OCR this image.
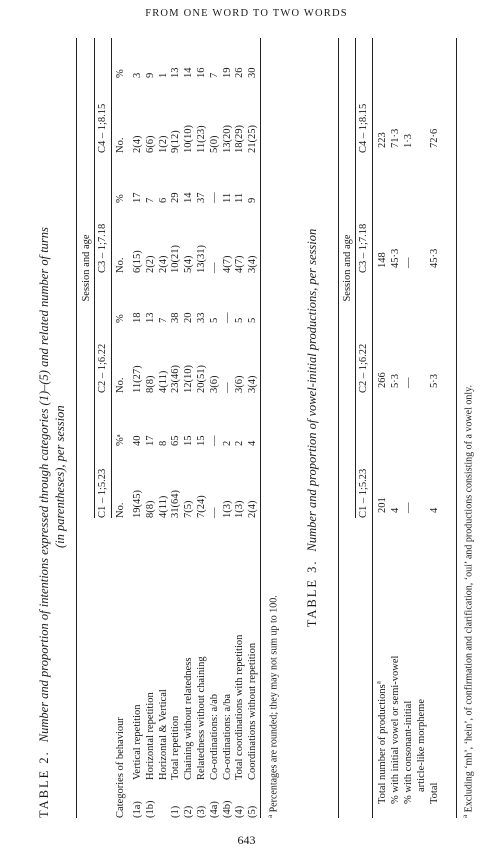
FROM ONE WORD TO TWO WORDS
TABLE 2.Number and proportion of intentions expressed through categories (1)–(5) and related number of turns (in parentheses), per session
Session and age
C1 – 1;5.23
C2 – 1;6.22
C3 – 1;7.18
C4 – 1;8.15
Categories of behaviour
No.
%ᵃ
No.
%
No.
%
No.
%
(1a)
Vertical repetition
19(45)
40
11(27)
18
6(15)
17
2(4)
3
(1b)
Horizontal repetition
8(8)
17
8(8)
13
2(2)
7
6(6)
9
Horizontal & Vertical
4(11)
8
4(11)
7
2(4)
6
1(2)
1
(1)
Total repetition
31(64)
65
23(46)
38
10(21)
29
9(12)
13
(2)
Chaining without relatedness
7(5)
15
12(10)
20
5(4)
14
10(10)
14
(3)
Relatedness without chaining
7(24)
15
20(51)
33
13(31)
37
11(23)
16
(4a)
Co-ordinations: a/ab
—
—
3(6)
5
—
—
5(0)
7
(4b)
Co-ordinations: a/ba
1(3)
2
—
—
4(7)
11
13(20)
19
(4)
Total coordinations with repetition
1(3)
2
3(6)
5
4(7)
11
18(29)
26
(5)
Coordinations without repetition
2(4)
4
3(4)
5
3(4)
9
21(25)
30
$^a$ Percentages are rounded; they may not sum up to 100.
TABLE 3.Number and proportion of vowel-initial productions, per session Session and age
C1 – 1;5.23
C2 – 1;6.22
C3 – 1;7.18
C4 – 1;8.15
Total number of productions$^a$
201
266
148
223
% with initial vowel or semi-vowel
4
5·3
45·3
71·3
% with consonant-initial article-like morpheme
—
—
—
1·3
Total
4
5·3
45·3
72·6
$^a$ Excluding ‘mh’, ‘hein’, of confirmation and clarification, ‘oui’ and productions consisting of a vowel only.
643
